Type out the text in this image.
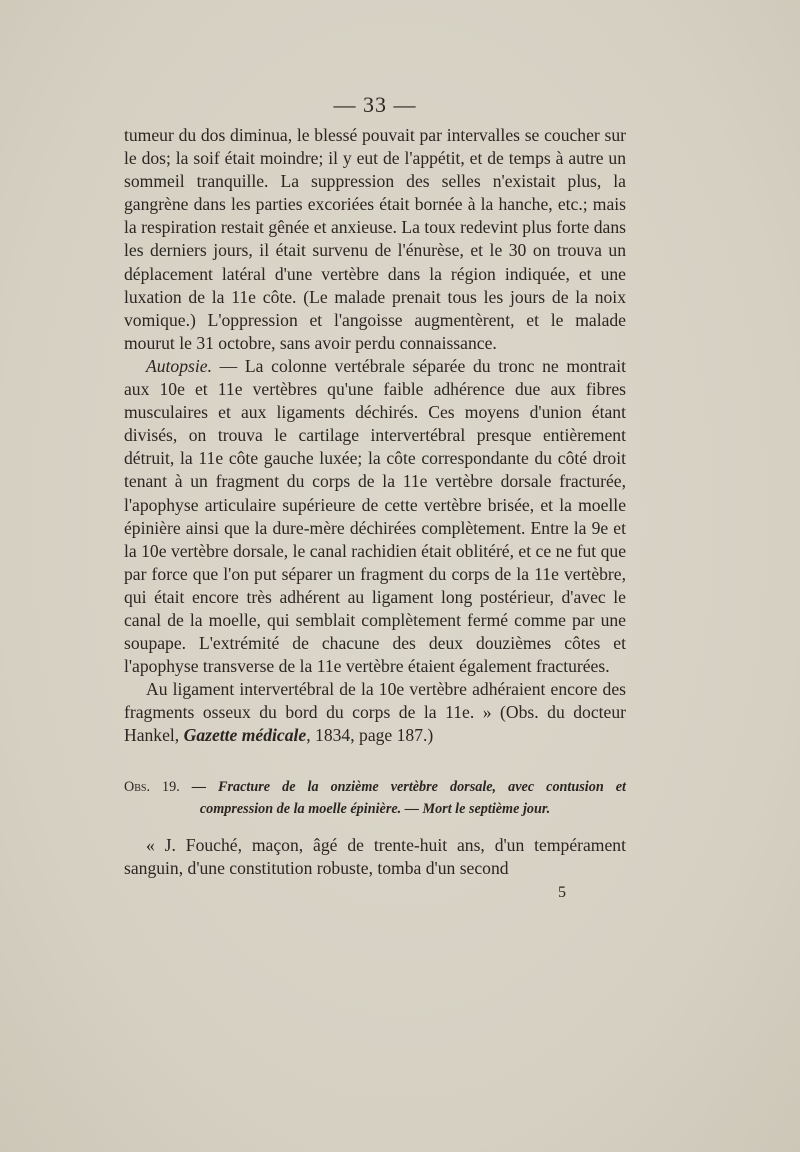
— 33 —

tumeur du dos diminua, le blessé pouvait par intervalles se coucher sur le dos; la soif était moindre; il y eut de l'appétit, et de temps à autre un sommeil tranquille. La suppression des selles n'existait plus, la gangrène dans les parties excoriées était bornée à la hanche, etc.; mais la respiration restait gênée et anxieuse. La toux redevint plus forte dans les derniers jours, il était survenu de l'énurèse, et le 30 on trouva un déplacement latéral d'une vertèbre dans la région indiquée, et une luxation de la 11e côte. (Le malade prenait tous les jours de la noix vomique.) L'oppression et l'angoisse augmentèrent, et le malade mourut le 31 octobre, sans avoir perdu connaissance.

Autopsie. — La colonne vertébrale séparée du tronc ne montrait aux 10e et 11e vertèbres qu'une faible adhérence due aux fibres musculaires et aux ligaments déchirés. Ces moyens d'union étant divisés, on trouva le cartilage intervertébral presque entièrement détruit, la 11e côte gauche luxée; la côte correspondante du côté droit tenant à un fragment du corps de la 11e vertèbre dorsale fracturée, l'apophyse articulaire supérieure de cette vertèbre brisée, et la moelle épinière ainsi que la dure-mère déchirées complètement. Entre la 9e et la 10e vertèbre dorsale, le canal rachidien était oblitéré, et ce ne fut que par force que l'on put séparer un fragment du corps de la 11e vertèbre, qui était encore très adhérent au ligament long postérieur, d'avec le canal de la moelle, qui semblait complètement fermé comme par une soupape. L'extrémité de chacune des deux douzièmes côtes et l'apophyse transverse de la 11e vertèbre étaient également fracturées.

Au ligament intervertébral de la 10e vertèbre adhéraient encore des fragments osseux du bord du corps de la 11e. » (Obs. du docteur Hankel, Gazette médicale, 1834, page 187.)

Obs. 19. — Fracture de la onzième vertèbre dorsale, avec contusion et
compression de la moelle épinière. — Mort le septième jour.

« J. Fouché, maçon, âgé de trente-huit ans, d'un tempérament sanguin, d'une constitution robuste, tomba d'un second

5
